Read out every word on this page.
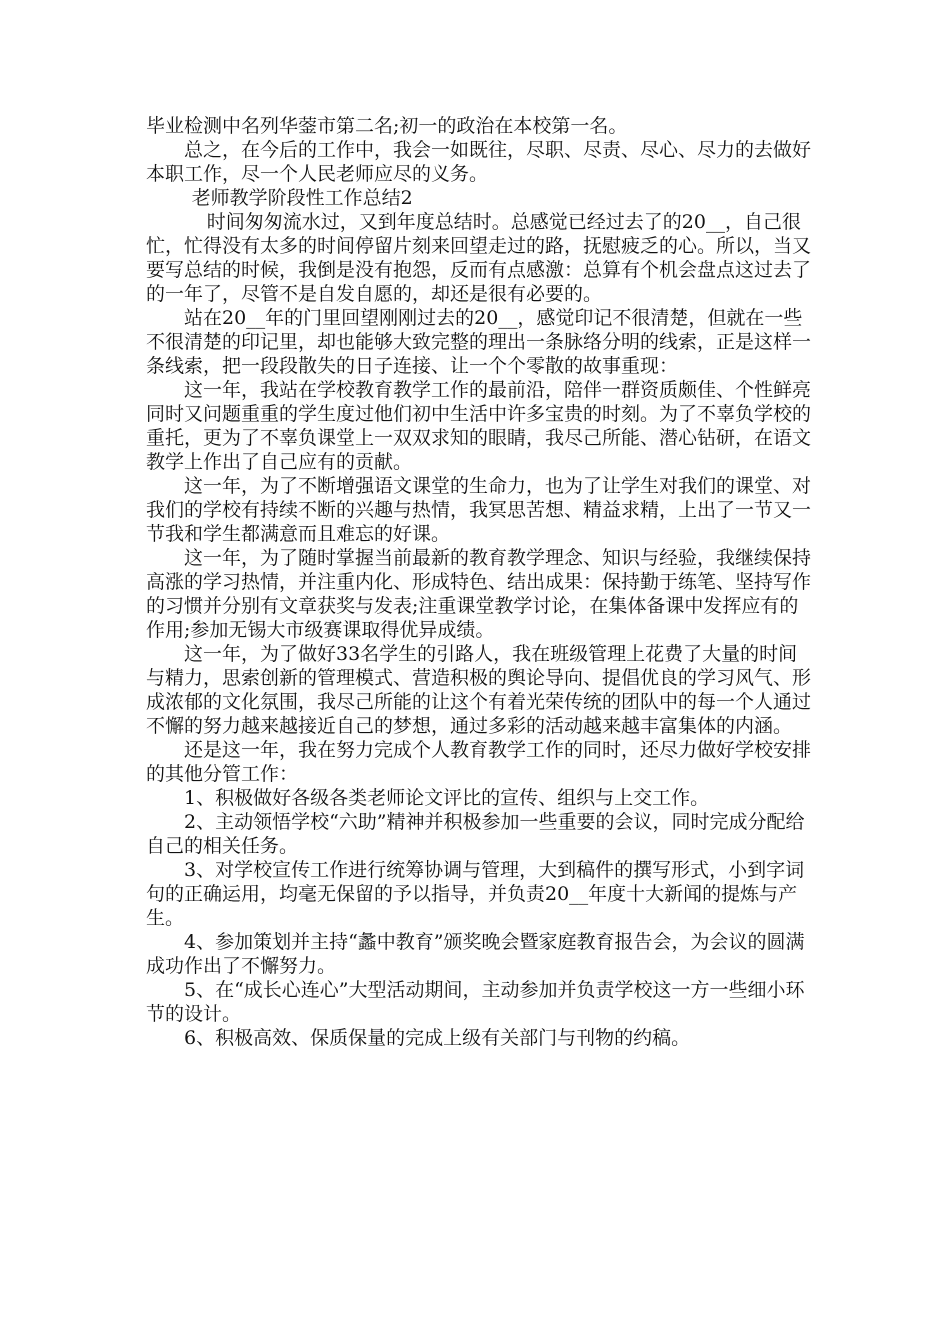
毕业检测中名列华蓥市第二名;初一的政治在本校第一名。

总之，在今后的工作中，我会一如既往，尽职、尽责、尽心、尽力的去做好本职工作，尽一个人民老师应尽的义务。

老师教学阶段性工作总结2

时间匆匆流水过，又到年度总结时。总感觉已经过去了的20__，自己很忙，忙得没有太多的时间停留片刻来回望走过的路，抚慰疲乏的心。所以，当又要写总结的时候，我倒是没有抱怨，反而有点感激：总算有个机会盘点这过去了的一年了，尽管不是自发自愿的，却还是很有必要的。

站在20__年的门里回望刚刚过去的20__，感觉印记不很清楚，但就在一些不很清楚的印记里，却也能够大致完整的理出一条脉络分明的线索，正是这样一条线索，把一段段散失的日子连接、让一个个零散的故事重现：

这一年，我站在学校教育教学工作的最前沿，陪伴一群资质颇佳、个性鲜亮同时又问题重重的学生度过他们初中生活中许多宝贵的时刻。为了不辜负学校的重托，更为了不辜负课堂上一双双求知的眼睛，我尽己所能、潜心钻研，在语文教学上作出了自己应有的贡献。

这一年，为了不断增强语文课堂的生命力，也为了让学生对我们的课堂、对我们的学校有持续不断的兴趣与热情，我冥思苦想、精益求精，上出了一节又一节我和学生都满意而且难忘的好课。

这一年，为了随时掌握当前最新的教育教学理念、知识与经验，我继续保持高涨的学习热情，并注重内化、形成特色、结出成果：保持勤于练笔、坚持写作的习惯并分别有文章获奖与发表;注重课堂教学讨论，在集体备课中发挥应有的作用;参加无锡大市级赛课取得优异成绩。

这一年，为了做好33名学生的引路人，我在班级管理上花费了大量的时间与精力，思索创新的管理模式、营造积极的舆论导向、提倡优良的学习风气、形成浓郁的文化氛围，我尽己所能的让这个有着光荣传统的团队中的每一个人通过不懈的努力越来越接近自己的梦想，通过多彩的活动越来越丰富集体的内涵。

还是这一年，我在努力完成个人教育教学工作的同时，还尽力做好学校安排的其他分管工作：

1、积极做好各级各类老师论文评比的宣传、组织与上交工作。

2、主动领悟学校“六助”精神并积极参加一些重要的会议，同时完成分配给自己的相关任务。

3、对学校宣传工作进行统筹协调与管理，大到稿件的撰写形式，小到字词句的正确运用，均毫无保留的予以指导，并负责20__年度十大新闻的提炼与产生。

4、参加策划并主持“蠡中教育”颁奖晚会暨家庭教育报告会，为会议的圆满成功作出了不懈努力。

5、在“成长心连心”大型活动期间，主动参加并负责学校这一方一些细小环节的设计。

6、积极高效、保质保量的完成上级有关部门与刊物的约稿。
